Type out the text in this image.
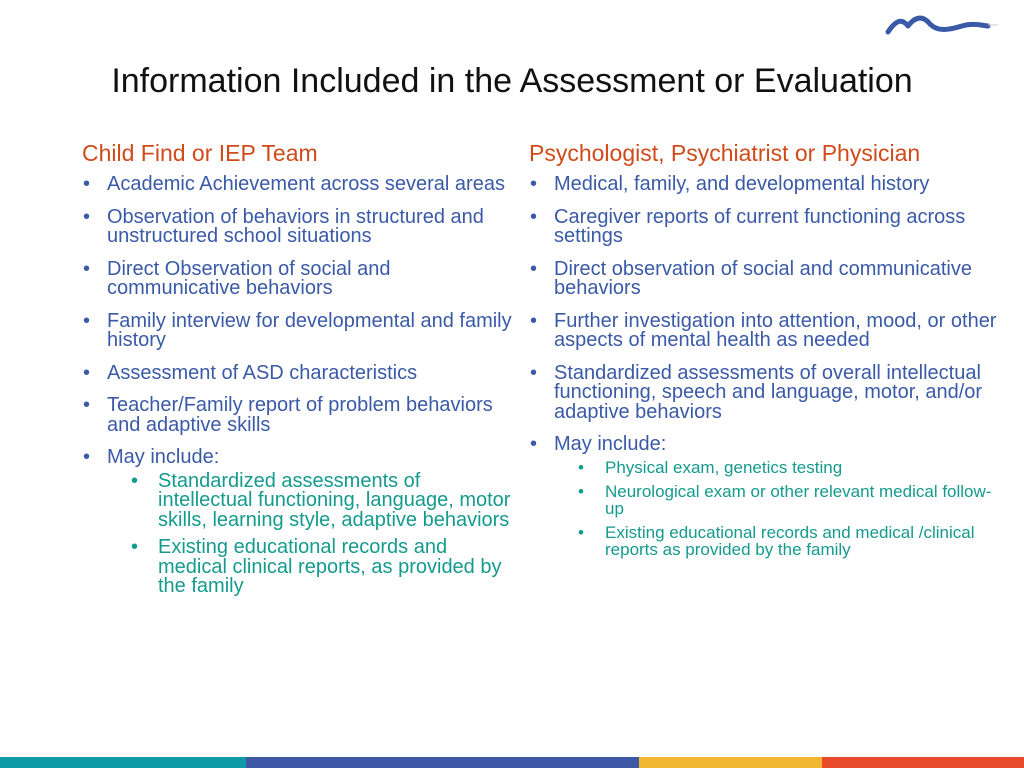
Information Included in the Assessment or Evaluation
Child Find or IEP Team
• Academic Achievement across several areas
• Observation of behaviors in structured and unstructured school situations
• Direct Observation of social and communicative behaviors
• Family interview for developmental and family history
• Assessment of ASD characteristics
• Teacher/Family report of problem behaviors and adaptive skills
• May include:
• Standardized assessments of intellectual functioning, language, motor skills, learning style, adaptive behaviors
• Existing educational records and medical clinical reports, as provided by the family
Psychologist, Psychiatrist or Physician
• Medical, family, and developmental history
• Caregiver reports of current functioning across settings
• Direct observation of social and communicative behaviors
• Further investigation into attention, mood, or other aspects of mental health as needed
• Standardized assessments of overall intellectual functioning, speech and language, motor, and/or adaptive behaviors
• May include:
• Physical exam, genetics testing
• Neurological exam or other relevant medical follow-up
• Existing educational records and medical /clinical reports as provided by the family
